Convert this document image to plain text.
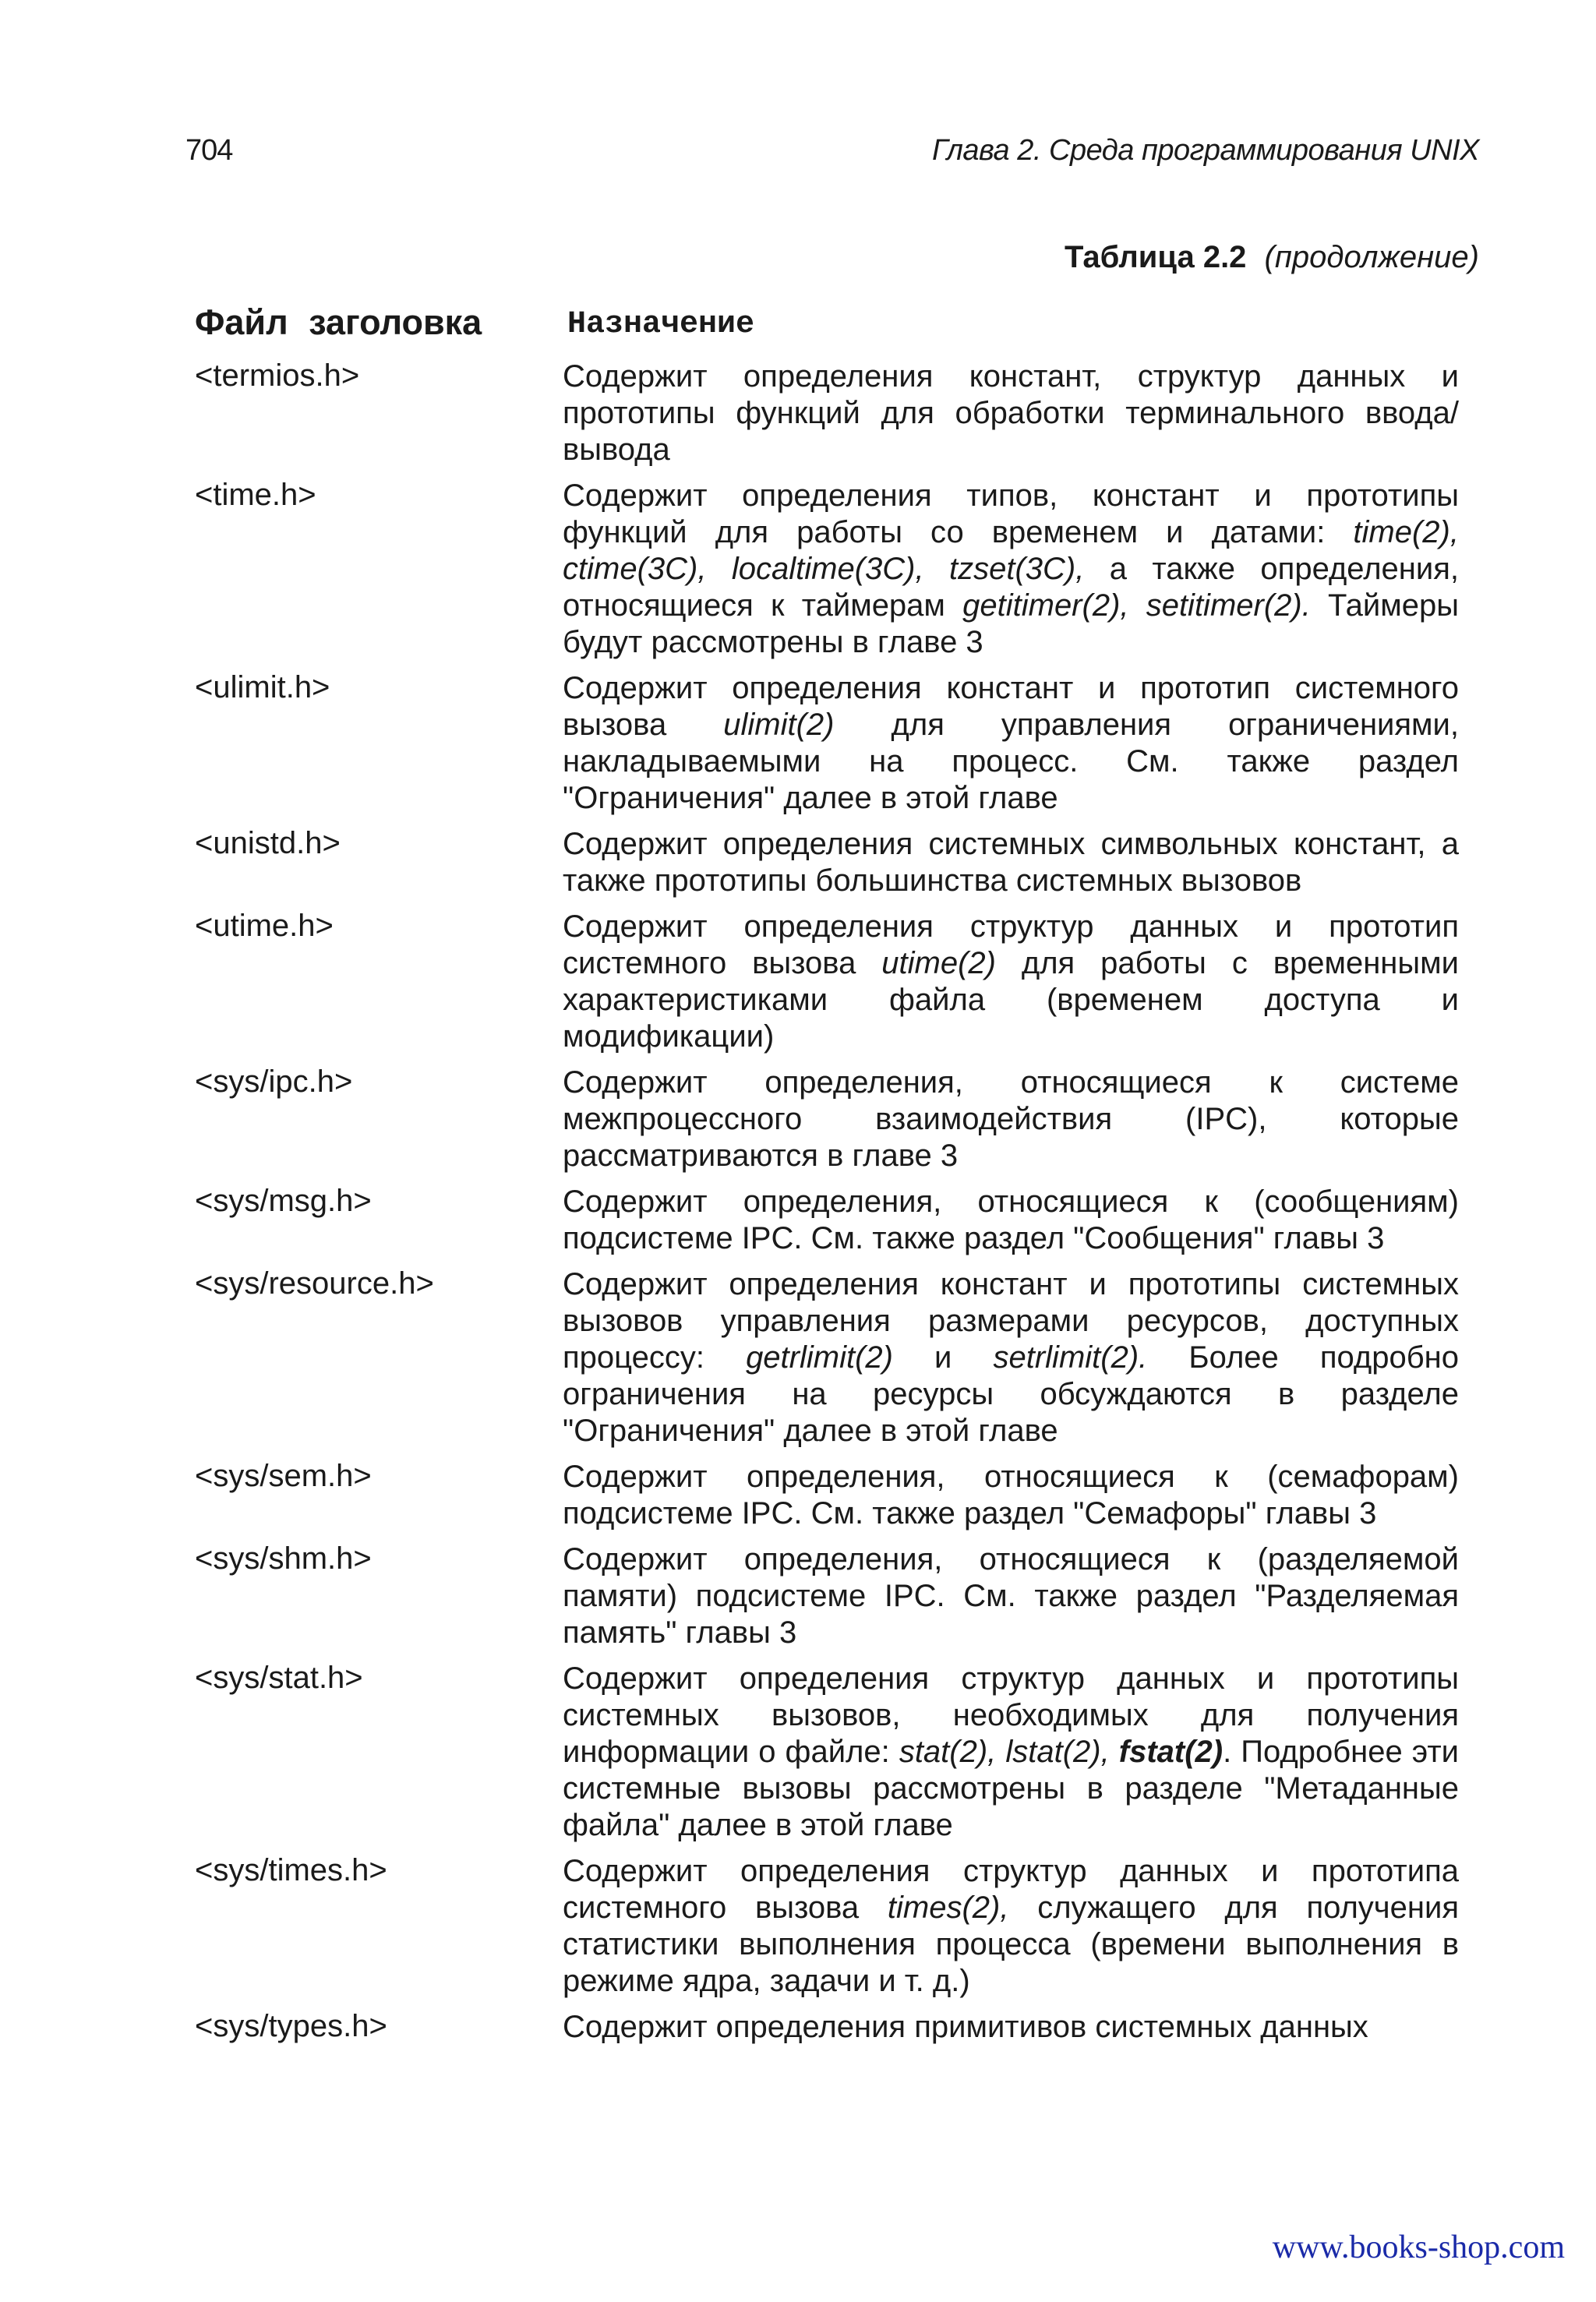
704	Глава 2. Среда программирования UNIX
Таблица 2.2 (продолжение)
Файл заголовка	Назначение
<termios.h>	Содержит определения констант, структур данных и прототипы функций для обработки терминального ввода/вывода
<time.h>	Содержит определения типов, констант и прототипы функций для работы со временем и датами: time(2), ctime(3C), localtime(3C), tzset(3C), а также определения, относящиеся к таймерам getitimer(2), setitimer(2). Таймеры будут рассмотрены в главе 3
<ulimit.h>	Содержит определения констант и прототип системного вызова ulimit(2) для управления ограничениями, накладываемыми на процесс. См. также раздел "Ограничения" далее в этой главе
<unistd.h>	Содержит определения системных символьных констант, а также прототипы большинства системных вызовов
<utime.h>	Содержит определения структур данных и прототип системного вызова utime(2) для работы с временными характеристиками файла (временем доступа и модификации)
<sys/ipc.h>	Содержит определения, относящиеся к системе межпроцессного взаимодействия (IPC), которые рассматриваются в главе 3
<sys/msg.h>	Содержит определения, относящиеся к (сообщениям) подсистеме IPC. См. также раздел "Сообщения" главы 3
<sys/resource.h>	Содержит определения констант и прототипы системных вызовов управления размерами ресурсов, доступных процессу: getrlimit(2) и setrlimit(2). Более подробно ограничения на ресурсы обсуждаются в разделе "Ограничения" далее в этой главе
<sys/sem.h>	Содержит определения, относящиеся к (семафорам) подсистеме IPC. См. также раздел "Семафоры" главы 3
<sys/shm.h>	Содержит определения, относящиеся к (разделяемой памяти) подсистеме IPC. См. также раздел "Разделяемая память" главы 3
<sys/stat.h>	Содержит определения структур данных и прототипы системных вызовов, необходимых для получения информации о файле: stat(2), lstat(2), fstat(2). Подробнее эти системные вызовы рассмотрены в разделе "Метаданные файла" далее в этой главе
<sys/times.h>	Содержит определения структур данных и прототипа системного вызова times(2), служащего для получения статистики выполнения процесса (времени выполнения в режиме ядра, задачи и т. д.)
<sys/types.h>	Содержит определения примитивов системных данных
www.books-shop.com
